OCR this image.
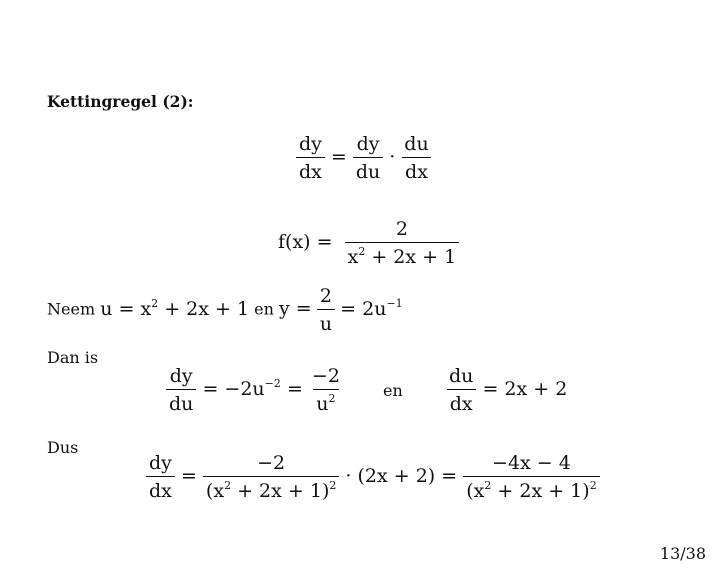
Kettingregel (2):
$\frac{dy}{dx} = \frac{dy}{du} \cdot \frac{du}{dx}$
$f(x) = \frac{2}{x^2 + 2x + 1}$
Neem $u = x^2 + 2x + 1$ en $y = \frac{2}{u} = 2u^{-1}$
Dan is
$\frac{dy}{du} = -2u^{-2} = \frac{-2}{u^2}$	en $\frac{du}{dx} = 2x + 2$
Dus
$\frac{dy}{dx} = \frac{-2}{(x^2 + 2x + 1)^2} \cdot (2x + 2) = \frac{-4x - 4}{(x^2 + 2x + 1)^2}$
13/38
